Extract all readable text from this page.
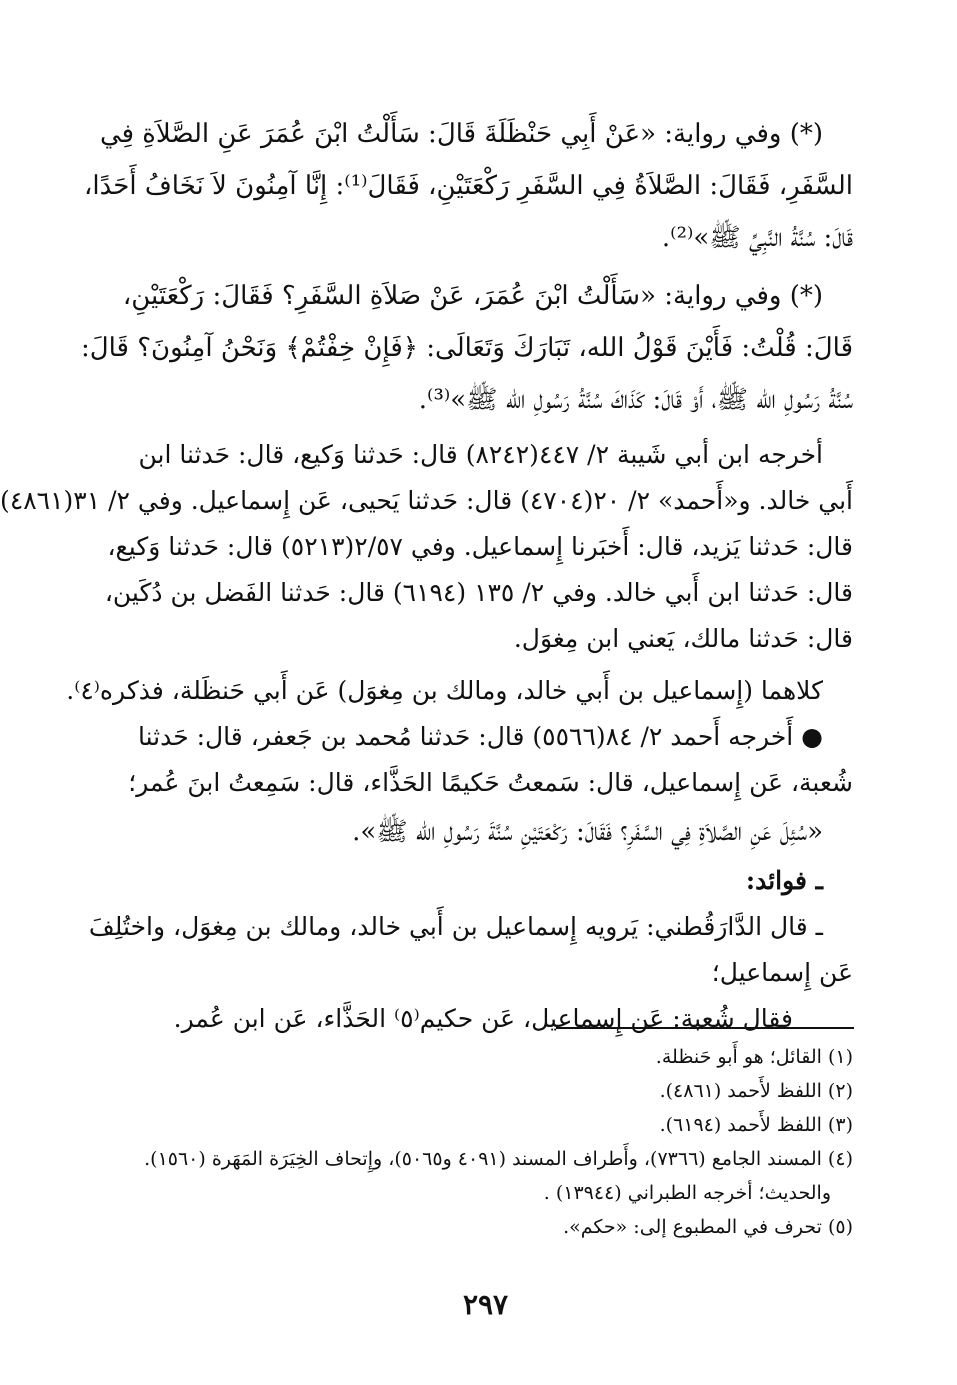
(*) وفي رواية: «عَنْ أَبِي حَنْظَلَةَ قَالَ: سَأَلْتُ ابْنَ عُمَرَ عَنِ الصَّلاَةِ فِي
السَّفَرِ، فَقَالَ: الصَّلاَةُ فِي السَّفَرِ رَكْعَتَيْنِ، فَقَالَ⁽¹⁾: إِنَّا آمِنُونَ لاَ نَخَافُ أَحَدًا،
قَالَ: سُنَّةُ النَّبِيِّ ﷺ»⁽²⁾.
(*) وفي رواية: «سَأَلْتُ ابْنَ عُمَرَ، عَنْ صَلاَةِ السَّفَرِ؟ فَقَالَ: رَكْعَتَيْنِ،
قَالَ: قُلْتُ: فَأَيْنَ قَوْلُ الله، تَبَارَكَ وَتَعَالَى: ﴿فَإِنْ خِفْتُمْ﴾ وَنَحْنُ آمِنُونَ؟ قَالَ:
سُنَّةُ رَسُولِ الله ﷺ، أَوْ قَالَ: كَذَاكَ سُنَّةُ رَسُولِ الله ﷺ»⁽³⁾.
أخرجه ابن أبي شَيبة ٢/ ٤٤٧(٨٢٤٢) قال: حَدثنا وَكيع، قال: حَدثنا ابن
أَبي خالد. و«أَحمد» ٢/ ٢٠(٤٧٠٤) قال: حَدثنا يَحيى، عَن إِسماعيل. وفي ٢/ ٣١(٤٨٦١)
قال: حَدثنا يَزيد، قال: أَخبَرنا إِسماعيل. وفي ٢/٥٧(٥٢١٣) قال: حَدثنا وَكيع،
قال: حَدثنا ابن أَبي خالد. وفي ٢/ ١٣٥ (٦١٩٤) قال: حَدثنا الفَضل بن دُكَين،
قال: حَدثنا مالك، يَعني ابن مِغوَل.
كلاهما (إِسماعيل بن أَبي خالد، ومالك بن مِغوَل) عَن أَبي حَنظَلة، فذكره⁽٤⁾.
● أَخرجه أَحمد ٢/ ٨٤(٥٥٦٦) قال: حَدثنا مُحمد بن جَعفر، قال: حَدثنا
شُعبة، عَن إِسماعيل، قال: سَمعتُ حَكيمًا الحَذَّاء، قال: سَمِعتُ ابنَ عُمر؛
«سُئِلَ عَنِ الصَّلاَةِ فِي السَّفَرِ؟ فَقَالَ: رَكْعَتَيْنِ سُنَّةَ رَسُولِ الله ﷺ».
ـ فوائد:
ـ قال الدَّارَقُطني: يَرويه إِسماعيل بن أَبي خالد، ومالك بن مِغوَل، واختُلِفَ
عَن إِسماعيل؛
فقال شُعبة: عَن إِسماعيل، عَن حكيم⁽٥⁾ الحَذَّاء، عَن ابن عُمر.
(١) القائل؛ هو أَبو حَنظلة.
(٢) اللفظ لأَحمد (٤٨٦١).
(٣) اللفظ لأَحمد (٦١٩٤).
(٤) المسند الجامع (٧٣٦٦)، وأَطراف المسند (٤٠٩١ و٥٠٦٥)، وإِتحاف الخِيَرَة المَهَرة (١٥٦٠).
والحديث؛ أخرجه الطبراني (١٣٩٤٤) .
(٥) تحرف في المطبوع إلى: «حكم».
٢٩٧
